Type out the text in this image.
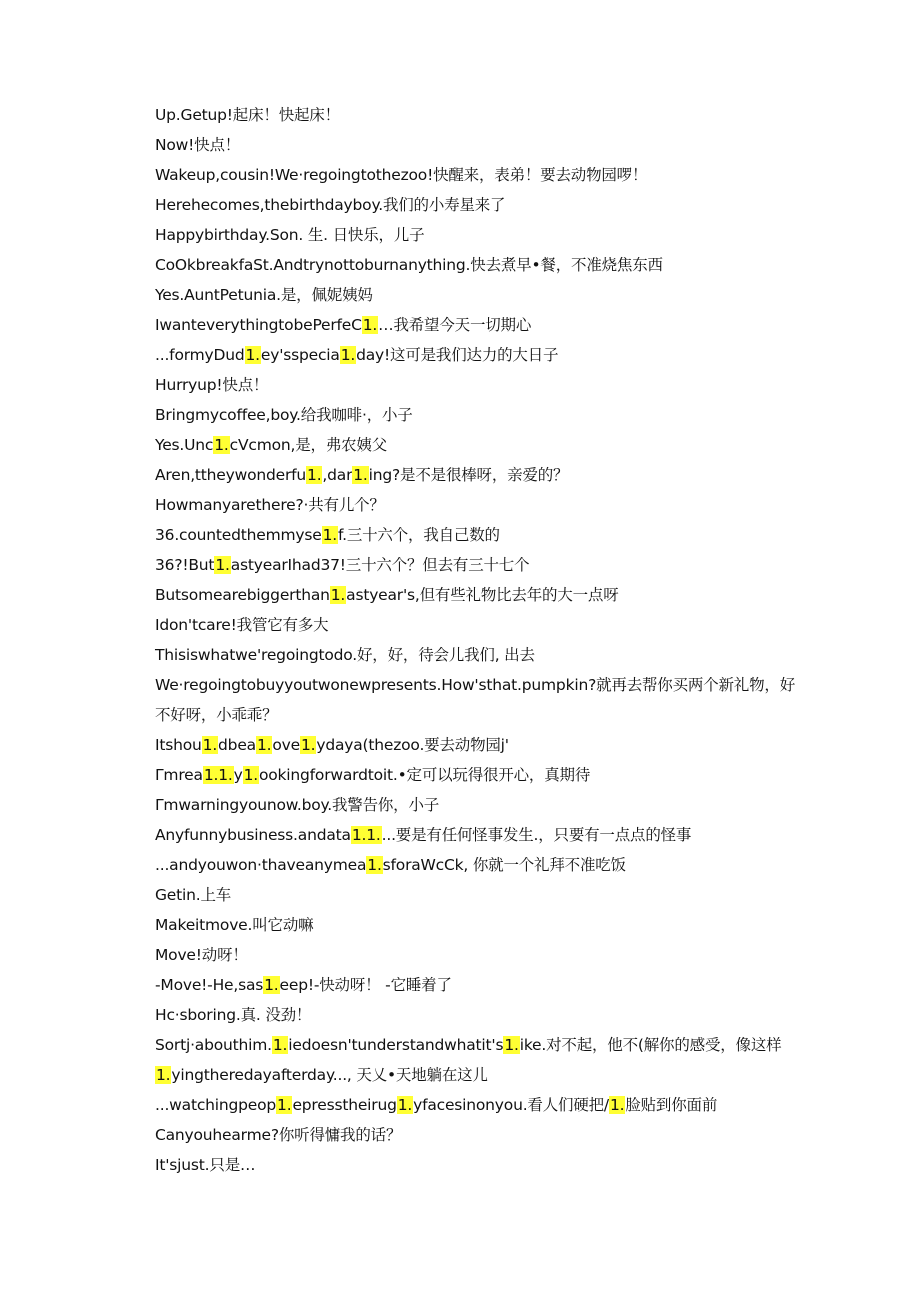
Up.Getup!起床！快起床！
Now!快点！
Wakeup,cousin!We·regoingtothezoo!快醒来，表弟！要去动物园啰！
Herehecomes,thebirthdayboy.我们的小寿星来了
Happybirthday.Son. 生. 日快乐，儿子
CoOkbreakfaSt.Andtrynottoburnanything.快去煮早•餐，不准烧焦东西
Yes.AuntPetunia.是，佩妮姨妈
IwanteverythingtobePerfeC1.…我希望今天一切期心
...formyDud1.ey'sspecia1.day!这可是我们达力的大日子
Hurryup!快点！
Bringmycoffee,boy.给我咖啡·，小子
Yes.Unc1.cVcmon,是，弗农姨父
Aren,ttheywonderfu1.,dar1.ing?是不是很棒呀，亲爱的？
Howmanyarethere?·共有儿个？
36.countedthemmyse1.f.三十六个，我自己数的
36?!But1.astyearIhad37!三十六个？但去有三十七个
Butsomearebiggerthan1.astyear's,但有些礼物比去年的大一点呀
Idon'tcare!我管它有多大
Thisiswhatwe'regoingtodo.好，好，待会儿我们, 出去
We·regoingtobuyyoutwonewpresents.How'sthat.pumpkin?就再去帮你买两个新礼物，好
不好呀，小乖乖？
Itshou1.dbea1.ove1.ydaya(thezoo.要去动物园j'
Γmrea1.1.y1.ookingforwardtoit.•定可以玩得很开心，真期待
Γmwarningyounow.boy.我警告你，小子
Anyfunnybusiness.andata1.1....要是有任何怪事发生.，只要有一点点的怪事
...andyouwon·thaveanymea1.sforaWcCk, 你就一个礼拜不准吃饭
Getin.上车
Makeitmove.叫它动嘛
Move!动呀！
-Move!-He,sas1.eep!-快动呀！ -它睡着了
Hc·sboring.真. 没劲！
Sortj·abouthim.1.iedoesn'tunderstandwhatit's1.ike.对不起，他不(解你的感受，像这样
1.yingtheredayafterday..., 天乂•天地躺在这儿
...watchingpeop1.epresstheirug1.yfacesinonyou.看人们硬把/1.脸贴到你面前
Canyouhearme?你听得慵我的话？
It'sjust.只是…
